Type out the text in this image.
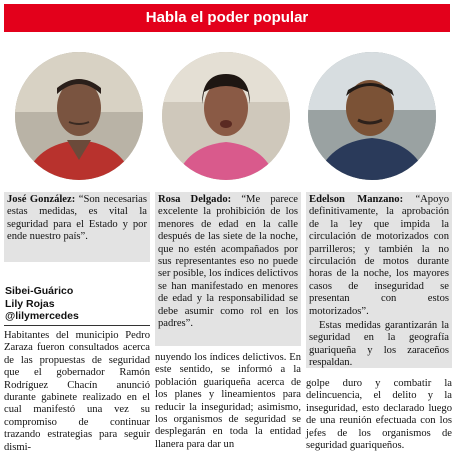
Habla el poder popular

José González: “Son necesarias estas medidas, es vital la seguridad para el Estado y por ende nuestro país”.

Rosa Delgado: “Me parece excelente la prohibición de los menores de edad en la calle después de las siete de la noche, que no estén acompañados por sus representantes eso no puede ser posible, los índices delictivos se han manifestado en menores de edad y la responsabilidad se debe asumir como rol en los padres”.

Edelson Manzano: “Apoyo definitivamente, la aprobación de la ley que impida la circulación de motorizados con parrilleros; y también la no circulación de motos durante horas de la noche, los mayores casos de inseguridad se presentan con estos motorizados”.

Estas medidas garantizarán la seguridad en la geografía guariqueña y los zaraceños respaldan.

Sibei-Guárico
Lily Rojas
@lilymercedes

Habitantes del municipio Pedro Zaraza fueron consultados acerca de las propuestas de seguridad que el gobernador Ramón Rodríguez Chacín anunció durante gabinete realizado en el cual manifestó una vez su compromiso de continuar trazando estrategias para seguir dismi-

nuyendo los índices delictivos. En este sentido, se informó a la población guariqueña acerca de los planes y lineamientos para reducir la inseguridad; asimismo, los organismos de seguridad se desplegarán en toda la entidad llanera para dar un

golpe duro y combatir la delincuencia, el delito y la inseguridad, esto declarado luego de una reunión efectuada con los jefes de los organismos de seguridad guariqueños.
